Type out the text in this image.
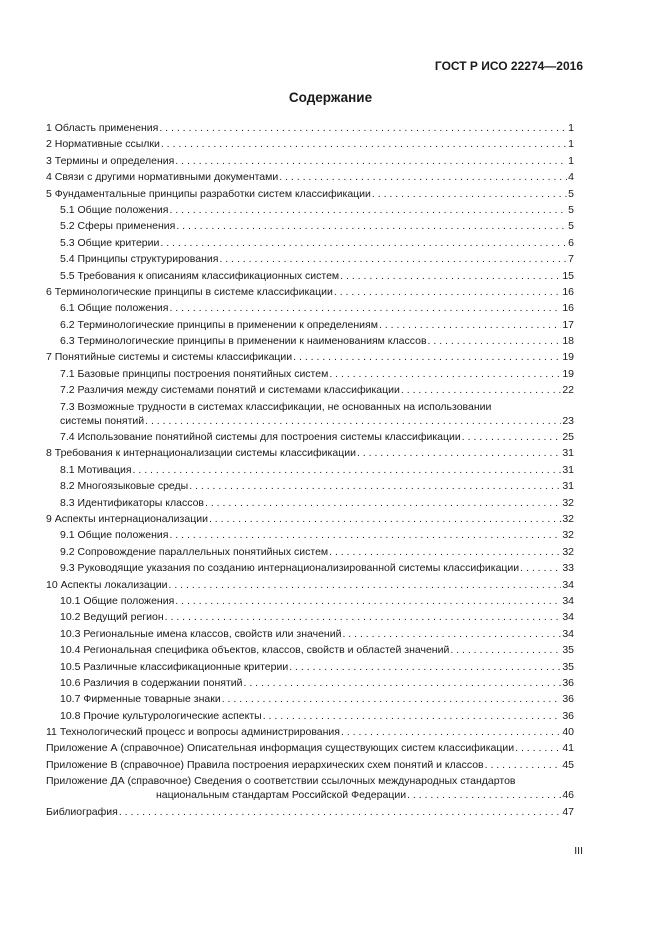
ГОСТ Р ИСО 22274—2016
Содержание
1 Область применения . . .	1
2 Нормативные ссылки . . .	1
3 Термины и определения . . .	1
4 Связи с другими нормативными документами . . .	4
5 Фундаментальные принципы разработки систем классификации . . .	5
5.1 Общие положения . . .	5
5.2 Сферы применения . . .	5
5.3 Общие критерии . . .	6
5.4 Принципы структурирования . . .	7
5.5 Требования к описаниям классификационных систем . . .	15
6 Терминологические принципы в системе классификации . . .	16
6.1 Общие положения . . .	16
6.2 Терминологические принципы в применении к определениям . . .	17
6.3 Терминологические принципы в применении к наименованиям классов . . .	18
7 Понятийные системы и системы классификации . . .	19
7.1 Базовые принципы построения понятийных систем . . .	19
7.2 Различия между системами понятий и системами классификации . . .	22
7.3 Возможные трудности в системах классификации, не основанных на использовании
системы понятий . . .	23
7.4 Использование понятийной системы для построения системы классификации . . .	25
8 Требования к интернационализации системы классификации . . .	31
8.1 Мотивация . . .	31
8.2 Многоязыковые среды . . .	31
8.3 Идентификаторы классов . . .	32
9 Аспекты интернационализации . . .	32
9.1 Общие положения . . .	32
9.2 Сопровождение параллельных понятийных систем . . .	32
9.3 Руководящие указания по созданию интернационализированной системы классификации . . .	33
10 Аспекты локализации . . .	34
10.1 Общие положения . . .	34
10.2 Ведущий регион . . .	34
10.3 Региональные имена классов, свойств или значений . . .	34
10.4 Региональная специфика объектов, классов, свойств и областей значений . . .	35
10.5 Различные классификационные критерии . . .	35
10.6 Различия в содержании понятий . . .	36
10.7 Фирменные товарные знаки . . .	36
10.8 Прочие культурологические аспекты . . .	36
11 Технологический процесс и вопросы администрирования . . .	40
Приложение А (справочное) Описательная информация существующих систем классификации . . .	41
Приложение В (справочное) Правила построения иерархических схем понятий и классов . . .	45
Приложение ДА (справочное) Сведения о соответствии ссылочных международных стандартов
национальным стандартам Российской Федерации . . .	46
Библиография . . .	47
III
